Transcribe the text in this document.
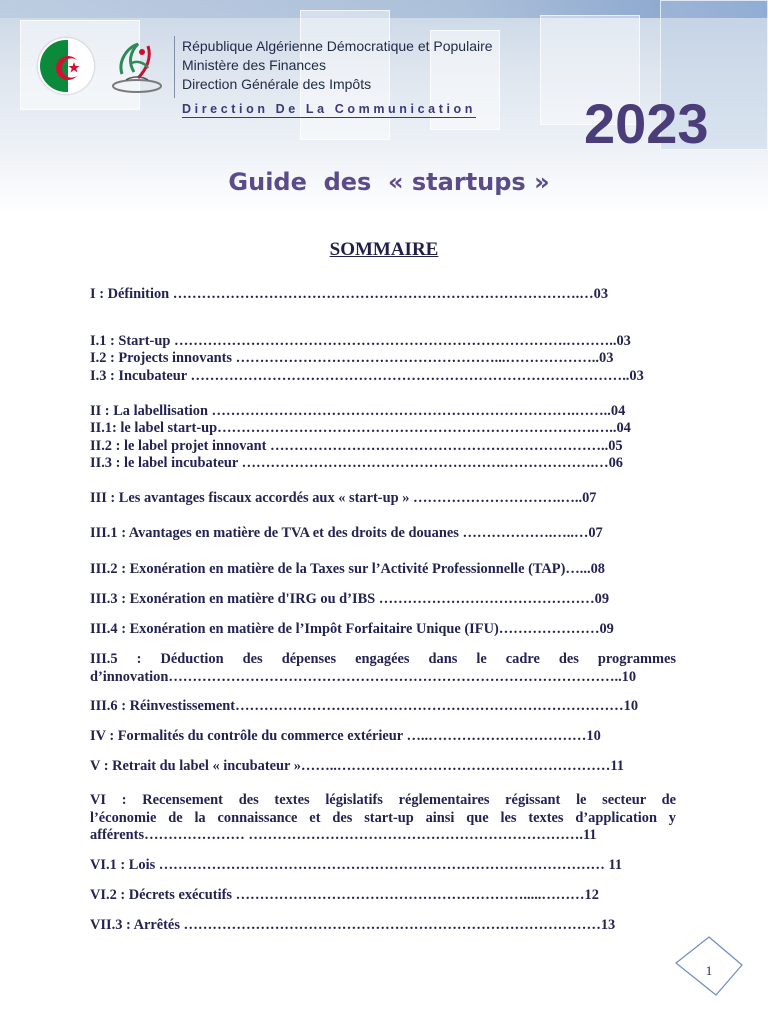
République Algérienne Démocratique et Populaire
Ministère des Finances
Direction Générale des Impôts
Direction De La Communication 2023
Guide  des  « startups »
SOMMAIRE
I : Définition ………………………………………………………………………….…03
I.1 : Start-up ……………………………………………………………………….………..03
I.2 : Projects innovants ………………………………………………...………………..03
I.3 : Incubateur ………………………………………………………………………………..03
II : La labellisation ………………………………………………………………….……..04
II.1: le label start-up…………………………………………………………………….…..04
II.2 : le label projet innovant ……………………………………………………………..05
II.3 : le label incubateur ……………………………………………….……………….…06
III : Les avantages fiscaux accordés aux « start-up » ………………………….…..07
III.1 : Avantages en matière de TVA et des droits de douanes ……………….…..…07
III.2 : Exonération en matière de la Taxes sur l’Activité Professionnelle (TAP)…...08
III.3 : Exonération en matière d'IRG ou d’IBS ………………………………………09
III.4 : Exonération en matière de l’Impôt Forfaitaire Unique (IFU)…………………09
III.5 : Déduction des dépenses engagées dans le cadre des programmes
d’innovation…………………………………………………………………………………..10
III.6 : Réinvestissement………………………………………………………………………10
IV : Formalités du contrôle du commerce extérieur …..……………………………10
V : Retrait du label « incubateur »……..…………………………………………………11
VI : Recensement des textes législatifs réglementaires régissant le secteur de
l’économie de la connaissance et des start-up ainsi que les textes d’application y
afférents………………… …………………………………………………………….11
VI.1 : Lois ………………………………………………………………………………… 11
VI.2 : Décrets exécutifs …………………………………………………….....………12
VII.3 : Arrêtés ……………………………………………………………………………13
1
